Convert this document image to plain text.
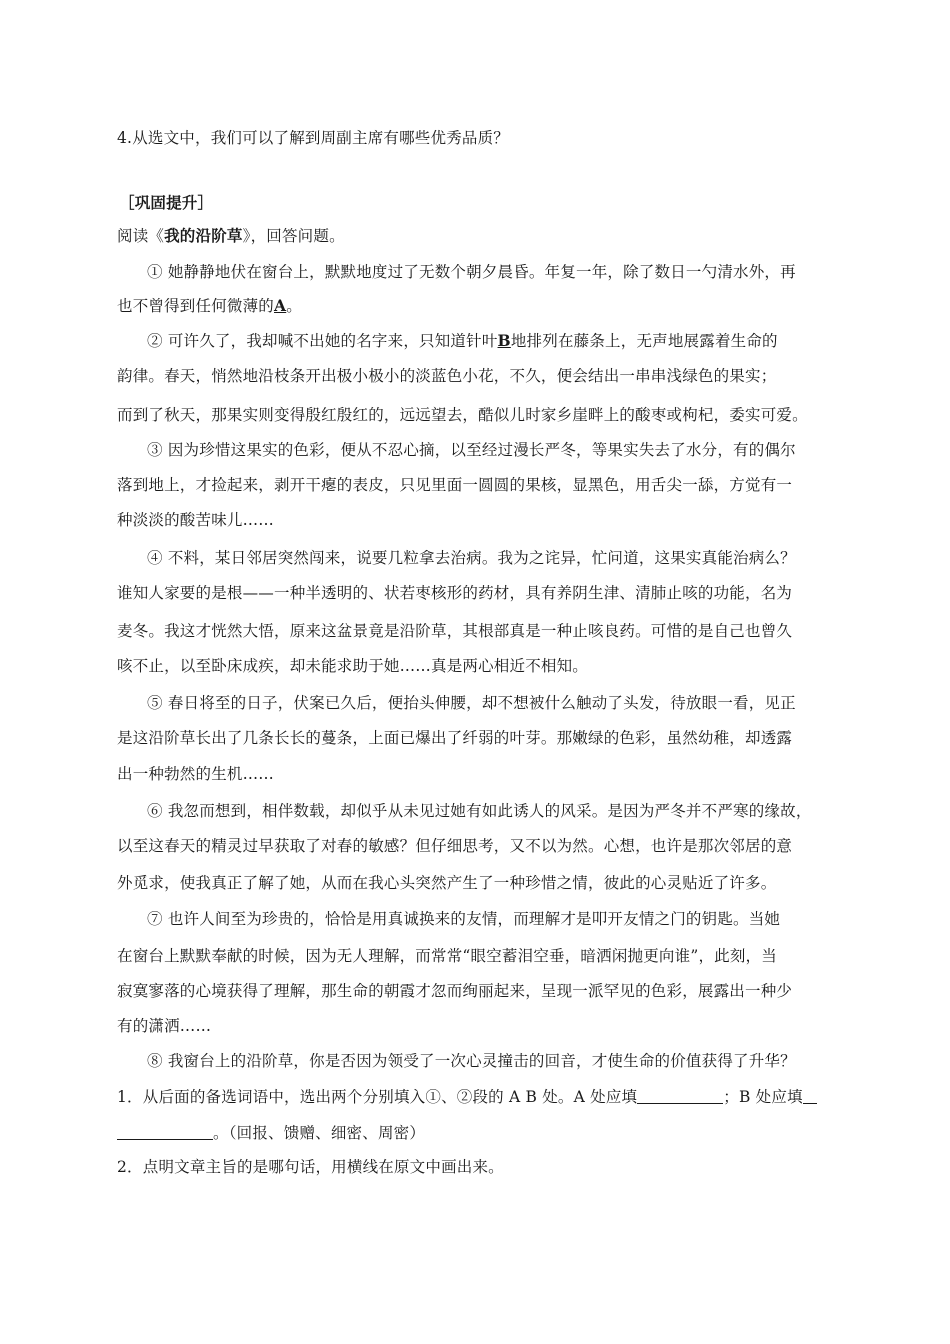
4.从选文中，我们可以了解到周副主席有哪些优秀品质？
［巩固提升］
阅读《我的沿阶草》，回答问题。
① 她静静地伏在窗台上，默默地度过了无数个朝夕晨昏。年复一年，除了数日一勺清水外，再
也不曾得到任何微薄的A。
② 可许久了，我却喊不出她的名字来，只知道针叶B地排列在藤条上，无声地展露着生命的
韵律。春天，悄然地沿枝条开出极小极小的淡蓝色小花，不久，便会结出一串串浅绿色的果实；
而到了秋天，那果实则变得殷红殷红的，远远望去，酷似儿时家乡崖畔上的酸枣或枸杞，委实可爱。
③ 因为珍惜这果实的色彩，便从不忍心摘，以至经过漫长严冬，等果实失去了水分，有的偶尔
落到地上，才捡起来，剥开干瘪的表皮，只见里面一圆圆的果核，显黑色，用舌尖一舔，方觉有一
种淡淡的酸苦味儿……
④ 不料，某日邻居突然闯来，说要几粒拿去治病。我为之诧异，忙问道，这果实真能治病么？
谁知人家要的是根——一种半透明的、状若枣核形的药材，具有养阴生津、清肺止咳的功能，名为
麦冬。我这才恍然大悟，原来这盆景竟是沿阶草，其根部真是一种止咳良药。可惜的是自己也曾久
咳不止，以至卧床成疾，却未能求助于她……真是两心相近不相知。
⑤ 春日将至的日子，伏案已久后，便抬头伸腰，却不想被什么触动了头发，待放眼一看，见正
是这沿阶草长出了几条长长的蔓条，上面已爆出了纤弱的叶芽。那嫩绿的色彩，虽然幼稚，却透露
出一种勃然的生机……
⑥ 我忽而想到，相伴数载，却似乎从未见过她有如此诱人的风采。是因为严冬并不严寒的缘故，
以至这春天的精灵过早获取了对春的敏感？但仔细思考，又不以为然。心想，也许是那次邻居的意
外觅求，使我真正了解了她，从而在我心头突然产生了一种珍惜之情，彼此的心灵贴近了许多。
⑦ 也许人间至为珍贵的，恰恰是用真诚换来的友情，而理解才是叩开友情之门的钥匙。当她
在窗台上默默奉献的时候，因为无人理解，而常常“眼空蓄泪空垂，暗洒闲抛更向谁”，此刻，当
寂寞寥落的心境获得了理解，那生命的朝霞才忽而绚丽起来，呈现一派罕见的色彩，展露出一种少
有的潇洒……
⑧ 我窗台上的沿阶草，你是否因为领受了一次心灵撞击的回音，才使生命的价值获得了升华？
1．从后面的备选词语中，选出两个分别填入①、②段的 A B 处。A 处应填	；B 处应填
。（回报、馈赠、细密、周密）
2．点明文章主旨的是哪句话，用横线在原文中画出来。
